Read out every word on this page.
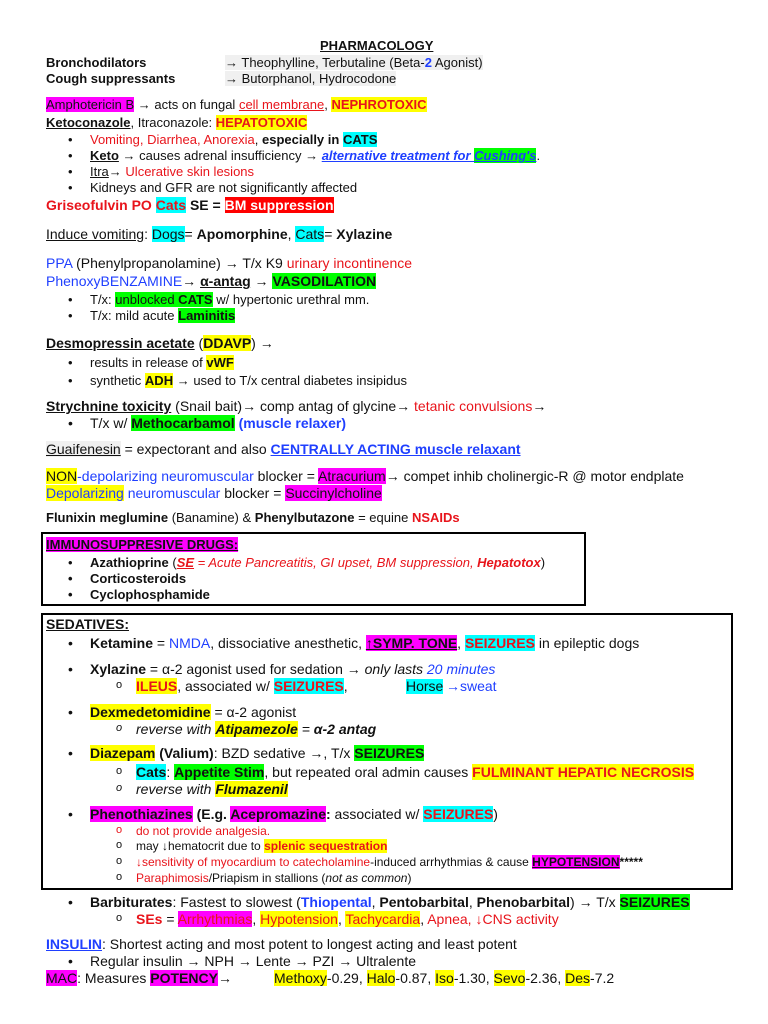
PHARMACOLOGY
Bronchodilators	→ Theophylline, Terbutaline (Beta-2 Agonist)
Cough suppressants	→ Butorphanol, Hydrocodone
Amphotericin B → acts on fungal cell membrane, NEPHROTOXIC
Ketoconazole, Itraconazole: HEPATOTOXIC
• Vomiting, Diarrhea, Anorexia, especially in CATS
• Keto → causes adrenal insufficiency → alternative treatment for Cushing's.
• Itra→ Ulcerative skin lesions
• Kidneys and GFR are not significantly affected
Griseofulvin PO Cats SE = BM suppression
Induce vomiting: Dogs= Apomorphine, Cats= Xylazine
PPA (Phenylpropanolamine) → T/x K9 urinary incontinence
PhenoxyBENZAMINE→ α-antag → VASODILATION
• T/x: unblocked CATS w/ hypertonic urethral mm.
• T/x: mild acute Laminitis
Desmopressin acetate (DDAVP) →
• results in release of vWF
• synthetic ADH → used to T/x central diabetes insipidus
Strychnine toxicity (Snail bait)→ comp antag of glycine→ tetanic convulsions→
• T/x w/ Methocarbamol (muscle relaxer)
Guaifenesin = expectorant and also CENTRALLY ACTING muscle relaxant
NON-depolarizing neuromuscular blocker = Atracurium→ compet inhib cholinergic-R @ motor endplate
Depolarizing neuromuscular blocker = Succinylcholine
Flunixin meglumine (Banamine) & Phenylbutazone = equine NSAIDs
IMMUNOSUPPRESIVE DRUGS:
• Azathioprine (SE = Acute Pancreatitis, GI upset, BM suppression, Hepatotox)
• Corticosteroids
• Cyclophosphamide
SEDATIVES:
• Ketamine = NMDA, dissociative anesthetic, ↑SYMP. TONE, SEIZURES in epileptic dogs
• Xylazine = α-2 agonist used for sedation → only lasts 20 minutes
o ILEUS, associated w/ SEIZURES,	Horse →sweat
• Dexmedetomidine = α-2 agonist
o reverse with Atipamezole = α-2 antag
• Diazepam (Valium): BZD sedative →, T/x SEIZURES
o Cats: Appetite Stim, but repeated oral admin causes FULMINANT HEPATIC NECROSIS
o reverse with Flumazenil
• Phenothiazines (E.g. Acepromazine: associated w/ SEIZURES)
o do not provide analgesia.
o may ↓hematocrit due to splenic sequestration
o ↓sensitivity of myocardium to catecholamine-induced arrhythmias & cause HYPOTENSION*****
o Paraphimosis/Priapism in stallions (not as common)
• Barbiturates: Fastest to slowest (Thiopental, Pentobarbital, Phenobarbital) → T/x SEIZURES
o SEs = Arrhythmias, Hypotension, Tachycardia, Apnea, ↓CNS activity
INSULIN: Shortest acting and most potent to longest acting and least potent
• Regular insulin → NPH → Lente → PZI → Ultralente
MAC: Measures POTENCY→	Methoxy-0.29, Halo-0.87, Iso-1.30, Sevo-2.36, Des-7.2
